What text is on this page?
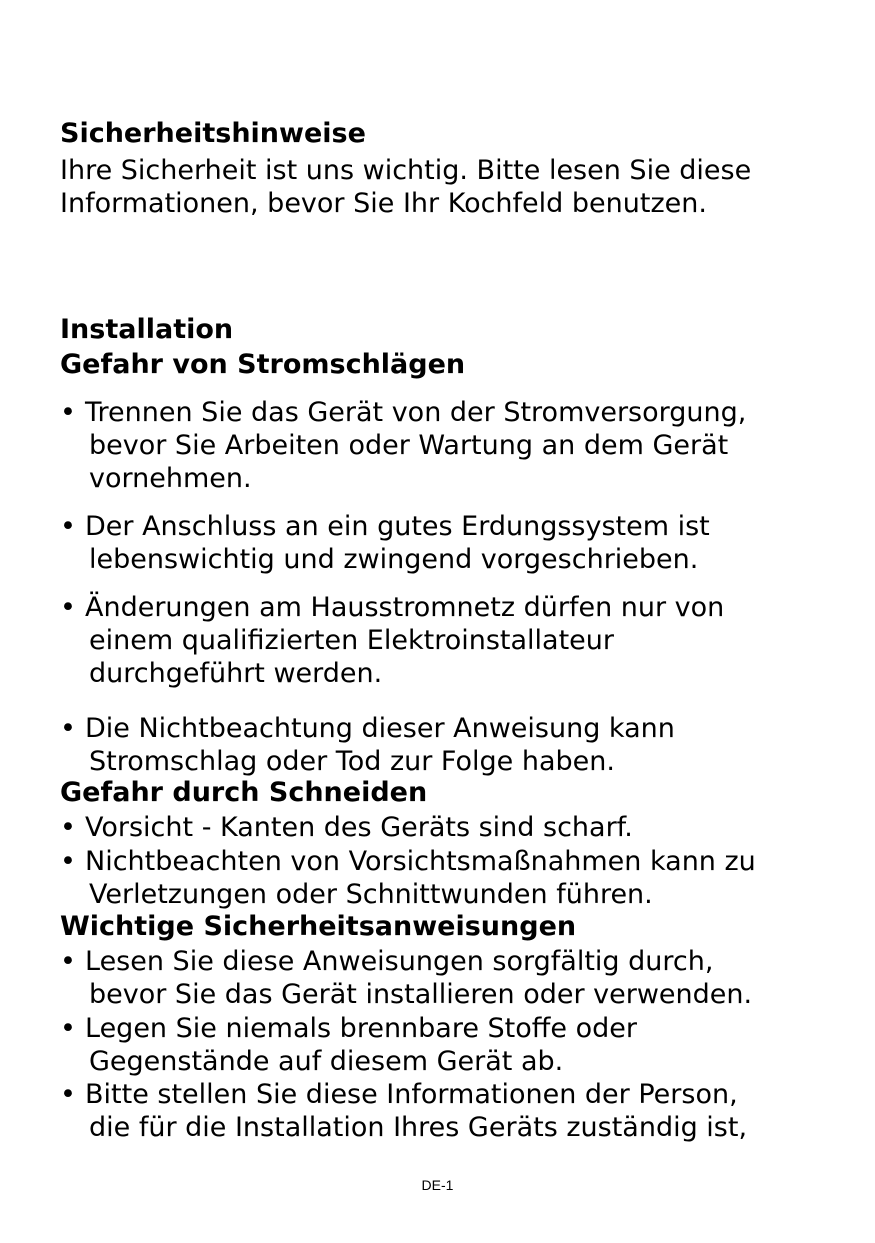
Sicherheitshinweise

Ihre Sicherheit ist uns wichtig. Bitte lesen Sie diese

Informationen, bevor Sie Ihr Kochfeld benutzen.

Installation

Gefahr von Stromschlägen

• Trennen Sie das Gerät von der Stromversorgung,
bevor Sie Arbeiten oder Wartung an dem Gerät
vornehmen.
• Der Anschluss an ein gutes Erdungssystem ist
lebenswichtig und zwingend vorgeschrieben.
• Änderungen am Hausstromnetz dürfen nur von
einem qualifizierten Elektroinstallateur
durchgeführt werden.
• Die Nichtbeachtung dieser Anweisung kann
Stromschlag oder Tod zur Folge haben.

Gefahr durch Schneiden

• Vorsicht - Kanten des Geräts sind scharf.
• Nichtbeachten von Vorsichtsmaßnahmen kann zu
Verletzungen oder Schnittwunden führen.

Wichtige Sicherheitsanweisungen

• Lesen Sie diese Anweisungen sorgfältig durch,
bevor Sie das Gerät installieren oder verwenden.
• Legen Sie niemals brennbare Stoffe oder
Gegenstände auf diesem Gerät ab.
• Bitte stellen Sie diese Informationen der Person,
die für die Installation Ihres Geräts zuständig ist,
DE-1
